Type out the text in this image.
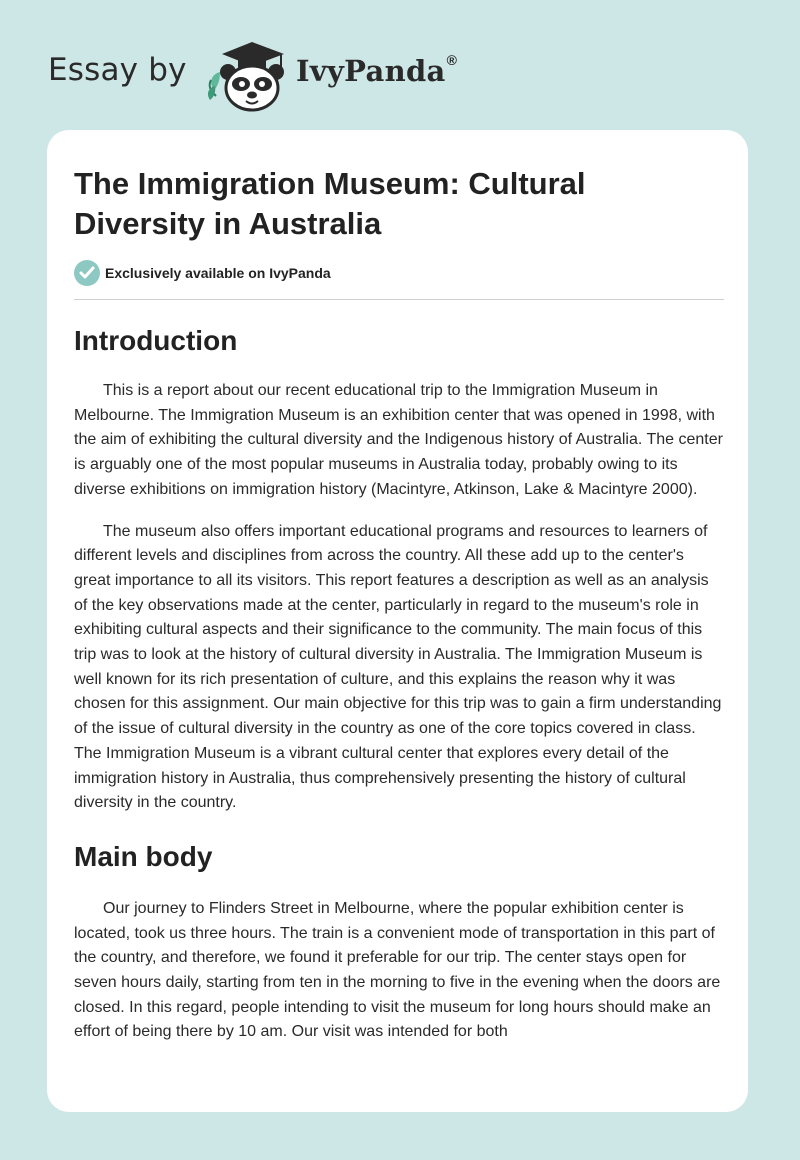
Essay by	IvyPanda®
The Immigration Museum: Cultural Diversity in Australia
Exclusively available on IvyPanda
Introduction

This is a report about our recent educational trip to the Immigration Museum in Melbourne. The Immigration Museum is an exhibition center that was opened in 1998, with the aim of exhibiting the cultural diversity and the Indigenous history of Australia. The center is arguably one of the most popular museums in Australia today, probably owing to its diverse exhibitions on immigration history (Macintyre, Atkinson, Lake & Macintyre 2000).

The museum also offers important educational programs and resources to learners of different levels and disciplines from across the country. All these add up to the center's great importance to all its visitors. This report features a description as well as an analysis of the key observations made at the center, particularly in regard to the museum's role in exhibiting cultural aspects and their significance to the community. The main focus of this trip was to look at the history of cultural diversity in Australia. The Immigration Museum is well known for its rich presentation of culture, and this explains the reason why it was chosen for this assignment. Our main objective for this trip was to gain a firm understanding of the issue of cultural diversity in the country as one of the core topics covered in class. The Immigration Museum is a vibrant cultural center that explores every detail of the immigration history in Australia, thus comprehensively presenting the history of cultural diversity in the country.

Main body

Our journey to Flinders Street in Melbourne, where the popular exhibition center is located, took us three hours. The train is a convenient mode of transportation in this part of the country, and therefore, we found it preferable for our trip. The center stays open for seven hours daily, starting from ten in the morning to five in the evening when the doors are closed. In this regard, people intending to visit the museum for long hours should make an effort of being there by 10 am. Our visit was intended for both
